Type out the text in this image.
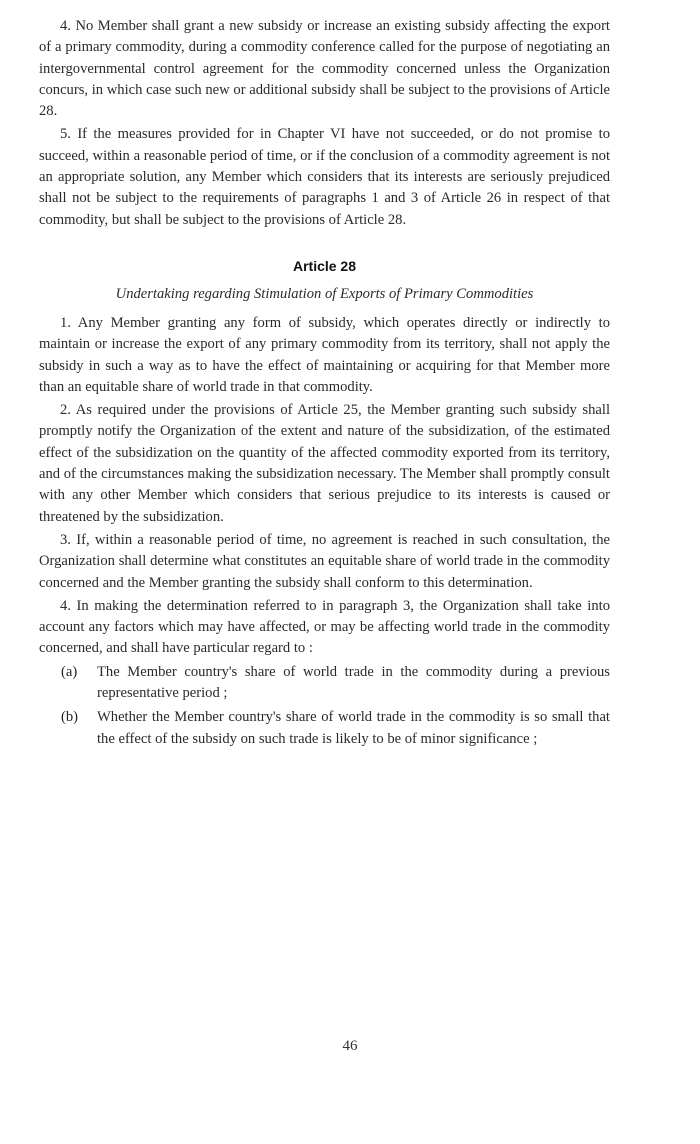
4. No Member shall grant a new subsidy or increase an existing subsidy affecting the export of a primary commodity, during a commodity conference called for the purpose of negotiating an intergovernmental control agreement for the commodity concerned unless the Organization concurs, in which case such new or additional subsidy shall be subject to the provisions of Article 28.

5. If the measures provided for in Chapter VI have not succeeded, or do not promise to succeed, within a reasonable period of time, or if the conclusion of a commodity agreement is not an appropriate solution, any Member which considers that its interests are seriously prejudiced shall not be subject to the requirements of paragraphs 1 and 3 of Article 26 in respect of that commodity, but shall be subject to the provisions of Article 28.

Article 28
Undertaking regarding Stimulation of Exports of Primary Commodities

1. Any Member granting any form of subsidy, which operates directly or indirectly to maintain or increase the export of any primary commodity from its territory, shall not apply the subsidy in such a way as to have the effect of maintaining or acquiring for that Member more than an equitable share of world trade in that commodity.

2. As required under the provisions of Article 25, the Member granting such subsidy shall promptly notify the Organization of the extent and nature of the subsidization, of the estimated effect of the subsidization on the quantity of the affected commodity exported from its territory, and of the circumstances making the subsidization necessary. The Member shall promptly consult with any other Member which considers that serious prejudice to its interests is caused or threatened by the subsidization.

3. If, within a reasonable period of time, no agreement is reached in such consultation, the Organization shall determine what constitutes an equitable share of world trade in the commodity concerned and the Member granting the subsidy shall conform to this determination.

4. In making the determination referred to in paragraph 3, the Organization shall take into account any factors which may have affected, or may be affecting world trade in the commodity concerned, and shall have particular regard to :

(a)	The Member country's share of world trade in the commodity during a previous representative period ;
(b)	Whether the Member country's share of world trade in the commodity is so small that the effect of the subsidy on such trade is likely to be of minor significance ;
46
